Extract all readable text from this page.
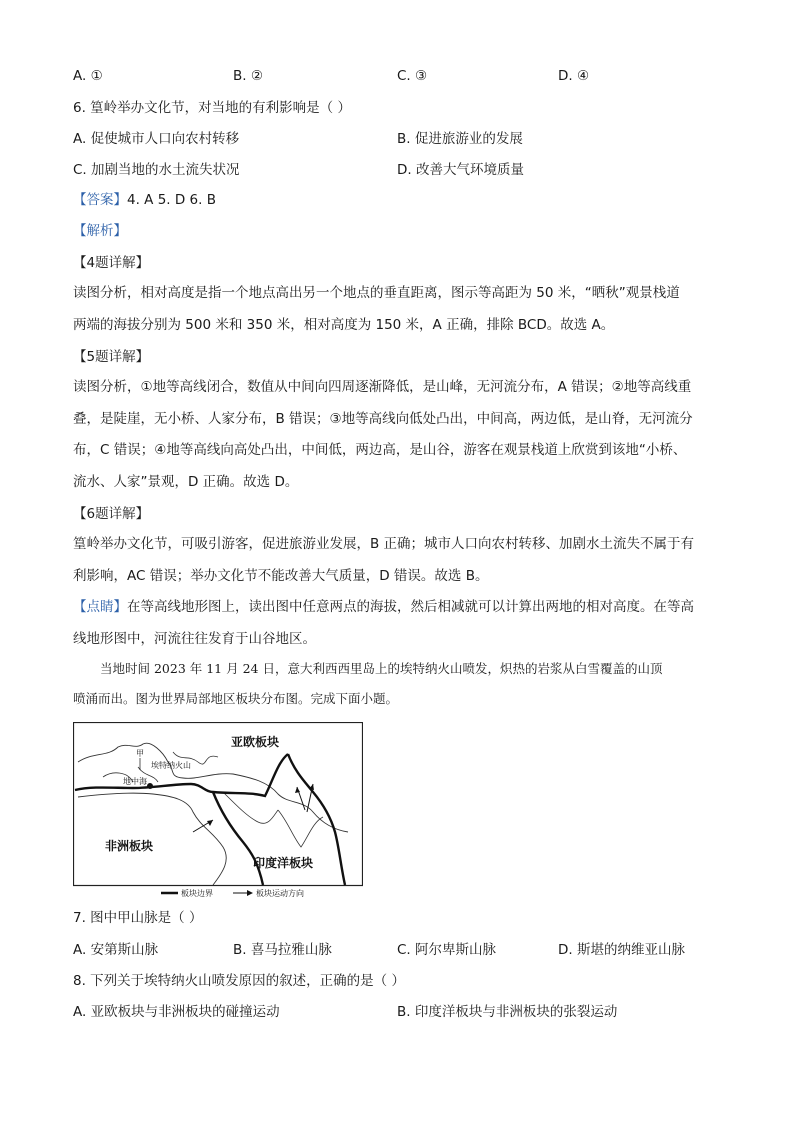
A. ①	B. ②	C. ③	D. ④
6. 篁岭举办文化节，对当地的有利影响是（ ）
A. 促使城市人口向农村转移	B. 促进旅游业的发展
C. 加剧当地的水土流失状况	D. 改善大气环境质量
【答案】4. A 5. D 6. B
【解析】
【4题详解】

读图分析，相对高度是指一个地点高出另一个地点的垂直距离，图示等高距为 50 米，“晒秋”观景栈道

两端的海拔分别为 500 米和 350 米，相对高度为 150 米，A 正确，排除 BCD。故选 A。

【5题详解】

读图分析，①地等高线闭合，数值从中间向四周逐渐降低，是山峰，无河流分布，A 错误；②地等高线重

叠，是陡崖，无小桥、人家分布，B 错误；③地等高线向低处凸出，中间高，两边低，是山脊，无河流分

布，C 错误；④地等高线向高处凸出，中间低，两边高，是山谷，游客在观景栈道上欣赏到该地“小桥、

流水、人家”景观，D 正确。故选 D。

【6题详解】

篁岭举办文化节，可吸引游客，促进旅游业发展，B 正确；城市人口向农村转移、加剧水土流失不属于有

利影响，AC 错误；举办文化节不能改善大气质量，D 错误。故选 B。

【点睛】在等高线地形图上，读出图中任意两点的海拔，然后相减就可以计算出两地的相对高度。在等高

线地形图中，河流往往发育于山谷地区。

当地时间 2023 年 11 月 24 日，意大利西西里岛上的埃特纳火山喷发，炽热的岩浆从白雪覆盖的山顶
喷涌而出。图为世界局部地区板块分布图。完成下面小题。
甲
埃特纳火山
地中海
亚欧板块
非洲板块
印度洋板块
板块边界	板块运动方向
7. 图中甲山脉是（ ）
A. 安第斯山脉	B. 喜马拉雅山脉	C. 阿尔卑斯山脉	D. 斯堪的纳维亚山脉
8. 下列关于埃特纳火山喷发原因的叙述，正确的是（ ）
A. 亚欧板块与非洲板块的碰撞运动	B. 印度洋板块与非洲板块的张裂运动
